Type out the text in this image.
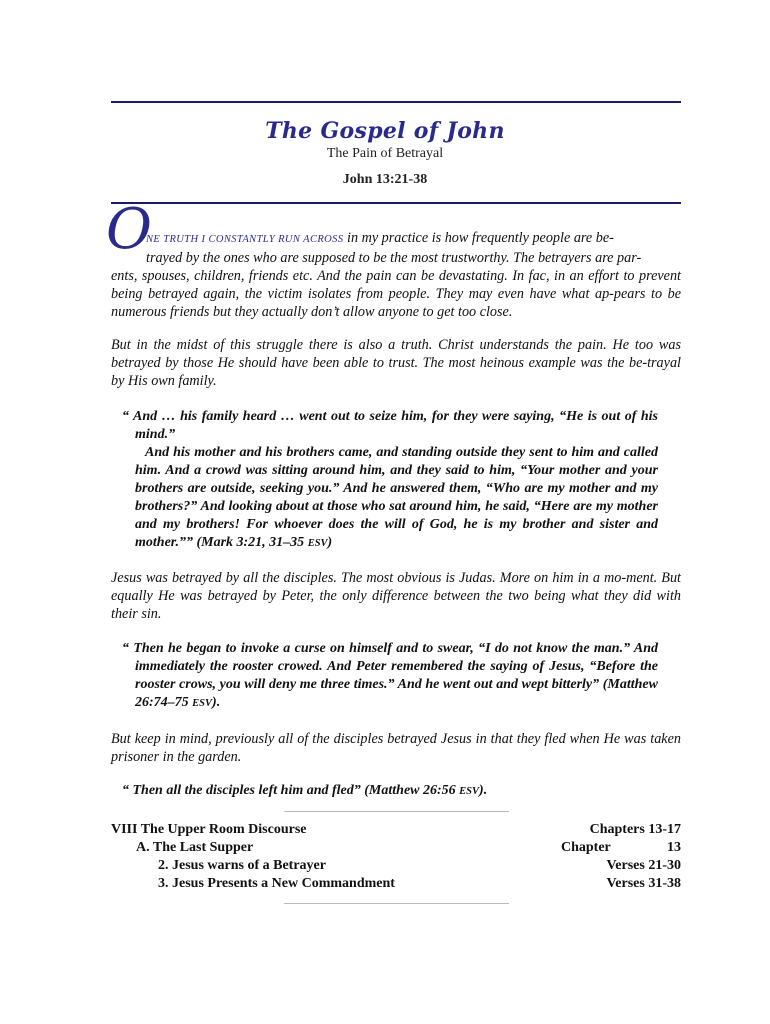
The Gospel of John
The Pain of Betrayal
John 13:21-38
O
NE TRUTH I CONSTANTLY RUN ACROSS in my practice is how frequently people are be-
trayed by the ones who are supposed to be the most trustworthy. The betrayers are par-
ents, spouses, children, friends etc. And the pain can be devastating. In fac, in an effort to prevent being betrayed again, the victim isolates from people. They may even have what ap-pears to be numerous friends but they actually don’t allow anyone to get too close.
But in the midst of this struggle there is also a truth. Christ understands the pain. He too was betrayed by those He should have been able to trust. The most heinous example was the be-trayal by His own family.
“ And … his family heard … went out to seize him, for they were saying, “He is out of his mind.”
And his mother and his brothers came, and standing outside they sent to him and called him. And a crowd was sitting around him, and they said to him, “Your mother and your brothers are outside, seeking you.” And he answered them, “Who are my mother and my brothers?” And looking about at those who sat around him, he said, “Here are my mother and my brothers! For whoever does the will of God, he is my brother and sister and mother.”” (Mark 3:21, 31–35 ESV)
Jesus was betrayed by all the disciples. The most obvious is Judas. More on him in a mo-ment. But equally He was betrayed by Peter, the only difference between the two being what they did with their sin.
“ Then he began to invoke a curse on himself and to swear, “I do not know the man.” And immediately the rooster crowed. And Peter remembered the saying of Jesus, “Before the rooster crows, you will deny me three times.” And he went out and wept bitterly” (Matthew 26:74–75 ESV).
But keep in mind, previously all of the disciples betrayed Jesus in that they fled when He was taken prisoner in the garden.
“ Then all the disciples left him and fled” (Matthew 26:56 ESV).
VIII The Upper Room Discourse	Chapters 13-17
A. The Last Supper	Chapter	13
2. Jesus warns of a Betrayer	Verses 21-30
3. Jesus Presents a New Commandment	Verses 31-38
